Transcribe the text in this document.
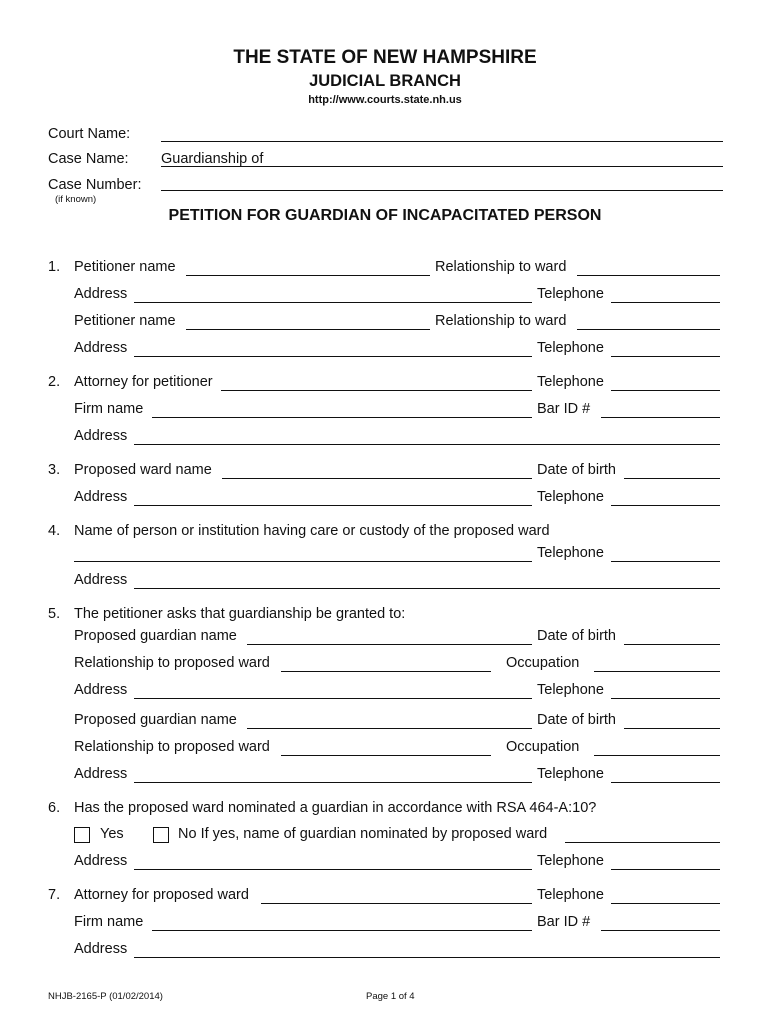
THE STATE OF NEW HAMPSHIRE
JUDICIAL BRANCH
http://www.courts.state.nh.us
Court Name:
Case Name: Guardianship of
Case Number:
(if known)
PETITION FOR GUARDIAN OF INCAPACITATED PERSON
1. Petitioner name	Relationship to ward
Address	Telephone
Petitioner name	Relationship to ward
Address	Telephone
2. Attorney for petitioner	Telephone
Firm name	Bar ID #
Address
3. Proposed ward name	Date of birth
Address	Telephone
4. Name of person or institution having care or custody of the proposed ward
Telephone
Address
5. The petitioner asks that guardianship be granted to:
Proposed guardian name	Date of birth
Relationship to proposed ward	Occupation
Address	Telephone
Proposed guardian name	Date of birth
Relationship to proposed ward	Occupation
Address	Telephone
6. Has the proposed ward nominated a guardian in accordance with RSA 464-A:10?
Yes	No If yes, name of guardian nominated by proposed ward
Address	Telephone
7. Attorney for proposed ward	Telephone
Firm name	Bar ID #
Address
NHJB-2165-P (01/02/2014)	Page 1 of 4
